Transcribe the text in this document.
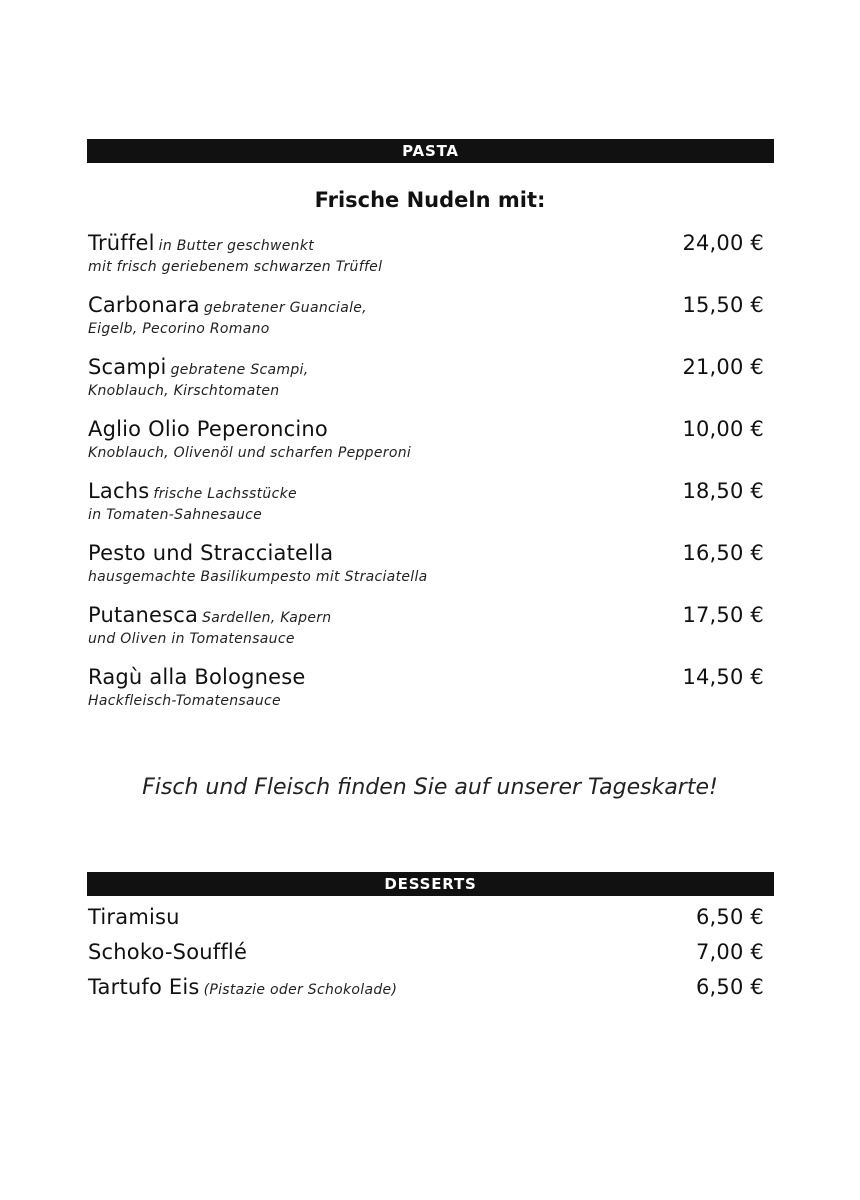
PASTA
Frische Nudeln mit:
Trüffel in Butter geschwenkt	24,00 €
mit frisch geriebenem schwarzen Trüffel
Carbonara gebratener Guanciale,	15,50 €
Eigelb, Pecorino Romano
Scampi gebratene Scampi,	21,00 €
Knoblauch, Kirschtomaten
Aglio Olio Peperoncino	10,00 €
Knoblauch, Olivenöl und scharfen Pepperoni
Lachs frische Lachsstücke	18,50 €
in Tomaten-Sahnesauce
Pesto und Stracciatella	16,50 €
hausgemachte Basilikumpesto mit Straciatella
Putanesca Sardellen, Kapern	17,50 €
und Oliven in Tomatensauce
Ragù alla Bolognese	14,50 €
Hackfleisch-Tomatensauce
Fisch und Fleisch finden Sie auf unserer Tageskarte!
DESSERTS
Tiramisu	6,50 €
Schoko-Soufflé	7,00 €
Tartufo Eis (Pistazie oder Schokolade)	6,50 €
